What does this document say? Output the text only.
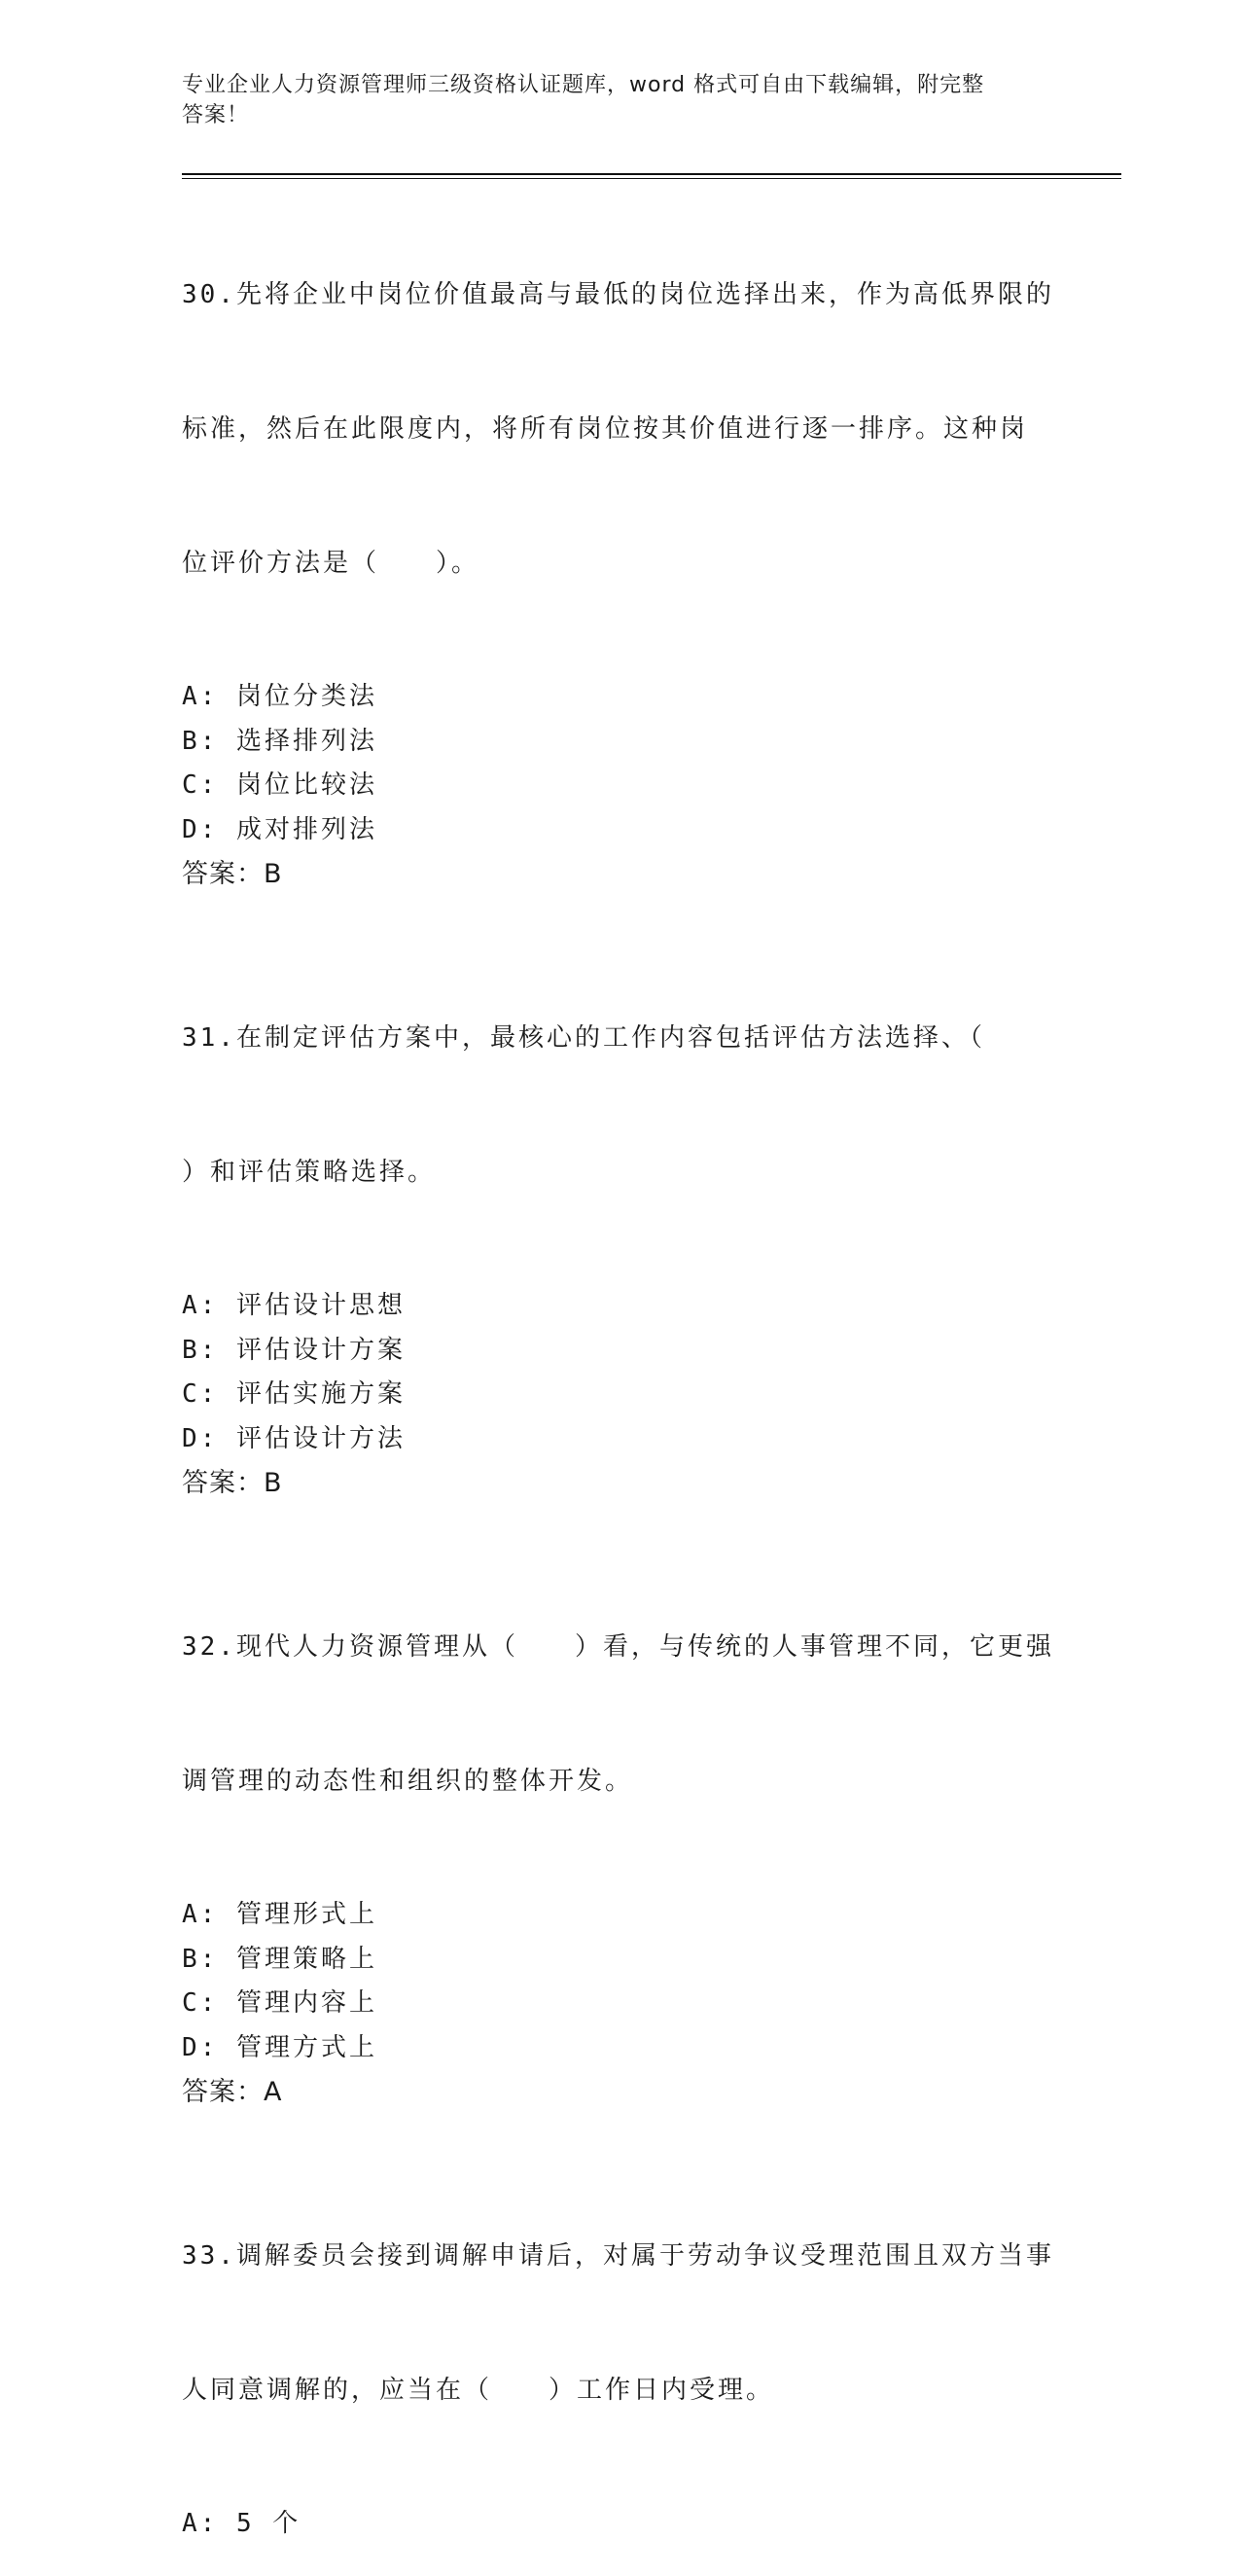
专业企业人力资源管理师三级资格认证题库，word 格式可自由下载编辑，附完整
答案！

30.先将企业中岗位价值最高与最低的岗位选择出来，作为高低界限的

标准，然后在此限度内，将所有岗位按其价值进行逐一排序。这种岗

位评价方法是（　　）。

A: 岗位分类法
B: 选择排列法
C: 岗位比较法
D: 成对排列法
答案：B

31.在制定评估方案中，最核心的工作内容包括评估方法选择、（

）和评估策略选择。

A: 评估设计思想
B: 评估设计方案
C: 评估实施方案
D: 评估设计方法
答案：B

32.现代人力资源管理从（　　）看，与传统的人事管理不同，它更强

调管理的动态性和组织的整体开发。

A: 管理形式上
B: 管理策略上
C: 管理内容上
D: 管理方式上
答案：A

33.调解委员会接到调解申请后，对属于劳动争议受理范围且双方当事

人同意调解的，应当在（　　）工作日内受理。

A: 5 个
